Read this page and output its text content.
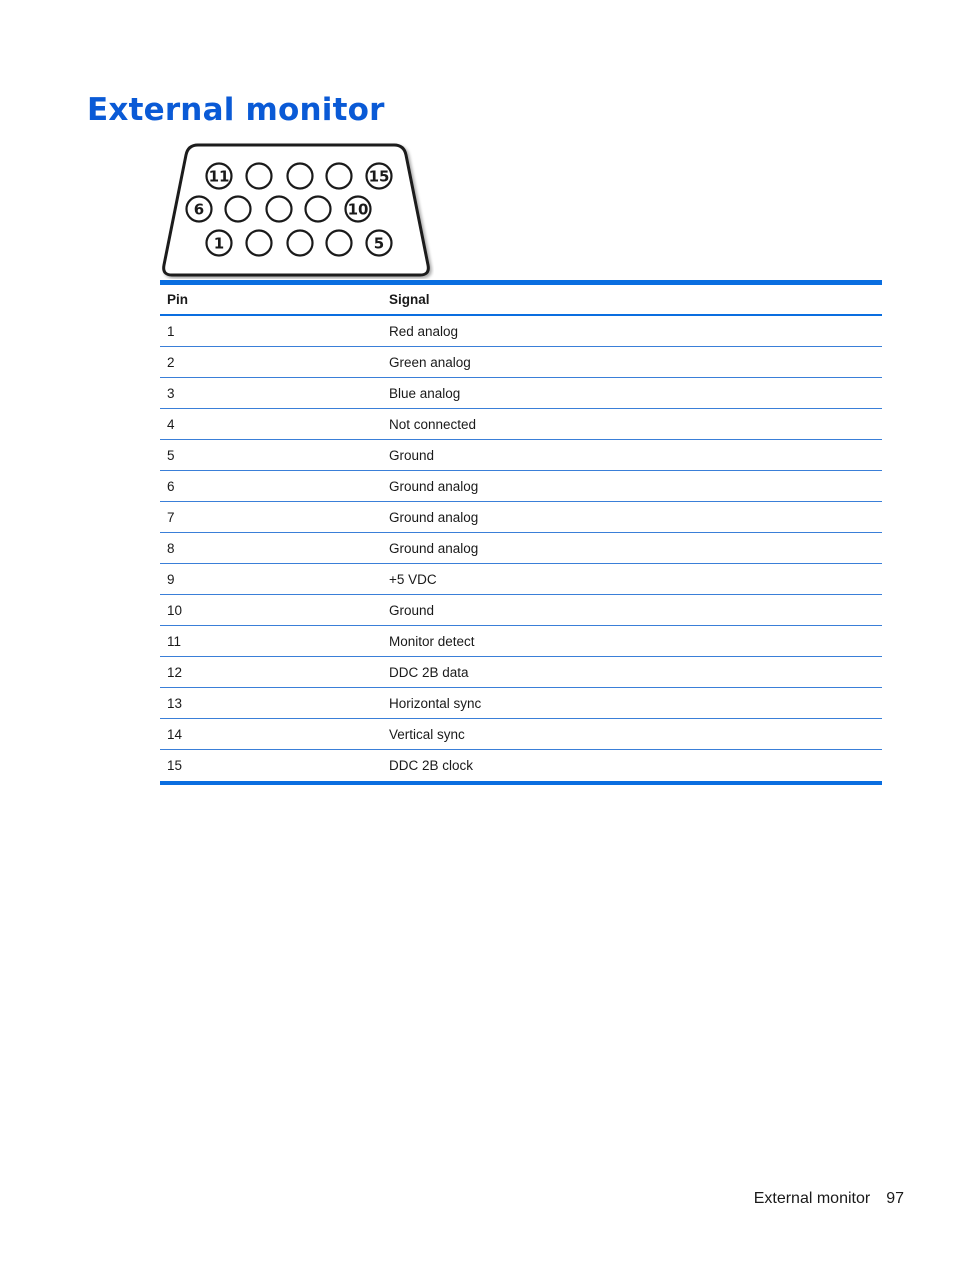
External monitor
11	15
6	10
1	5
Pin	Signal
1	Red analog
2	Green analog
3	Blue analog
4	Not connected
5	Ground
6	Ground analog
7	Ground analog
8	Ground analog
9	+5 VDC
10	Ground
11	Monitor detect
12	DDC 2B data
13	Horizontal sync
14	Vertical sync
15	DDC 2B clock
External monitor 97
